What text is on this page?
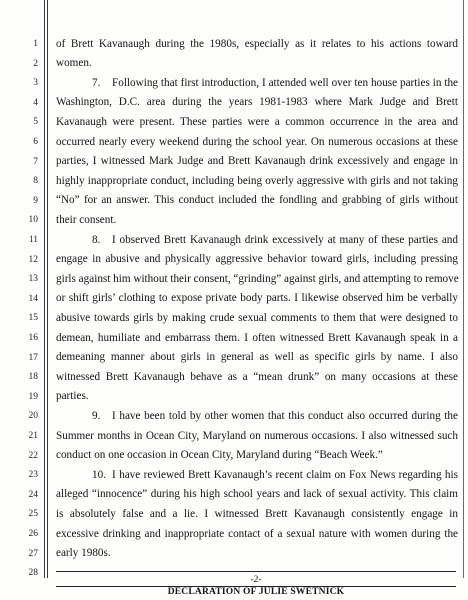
1
2
3
4
5
6
7
8
9
10
11
12
13
14
15
16
17
18
19
20
21
22
23
24
25
26
27
28
of Brett Kavanaugh during the 1980s, especially as it relates to his actions toward
women.
7. Following that first introduction, I attended well over ten house parties in the
Washington, D.C. area during the years 1981-1983 where Mark Judge and Brett
Kavanaugh were present. These parties were a common occurrence in the area and
occurred nearly every weekend during the school year. On numerous occasions at these
parties, I witnessed Mark Judge and Brett Kavanaugh drink excessively and engage in
highly inappropriate conduct, including being overly aggressive with girls and not taking
“No” for an answer. This conduct included the fondling and grabbing of girls without
their consent.
8. I observed Brett Kavanaugh drink excessively at many of these parties and
engage in abusive and physically aggressive behavior toward girls, including pressing
girls against him without their consent, “grinding” against girls, and attempting to remove
or shift girls’ clothing to expose private body parts. I likewise observed him be verbally
abusive towards girls by making crude sexual comments to them that were designed to
demean, humiliate and embarrass them. I often witnessed Brett Kavanaugh speak in a
demeaning manner about girls in general as well as specific girls by name. I also
witnessed Brett Kavanaugh behave as a “mean drunk” on many occasions at these
parties.
9. I have been told by other women that this conduct also occurred during the
Summer months in Ocean City, Maryland on numerous occasions. I also witnessed such
conduct on one occasion in Ocean City, Maryland during “Beach Week.”
10. I have reviewed Brett Kavanaugh’s recent claim on Fox News regarding his
alleged “innocence” during his high school years and lack of sexual activity. This claim
is absolutely false and a lie. I witnessed Brett Kavanaugh consistently engage in
excessive drinking and inappropriate contact of a sexual nature with women during the
early 1980s.
-2-
DECLARATION OF JULIE SWETNICK
